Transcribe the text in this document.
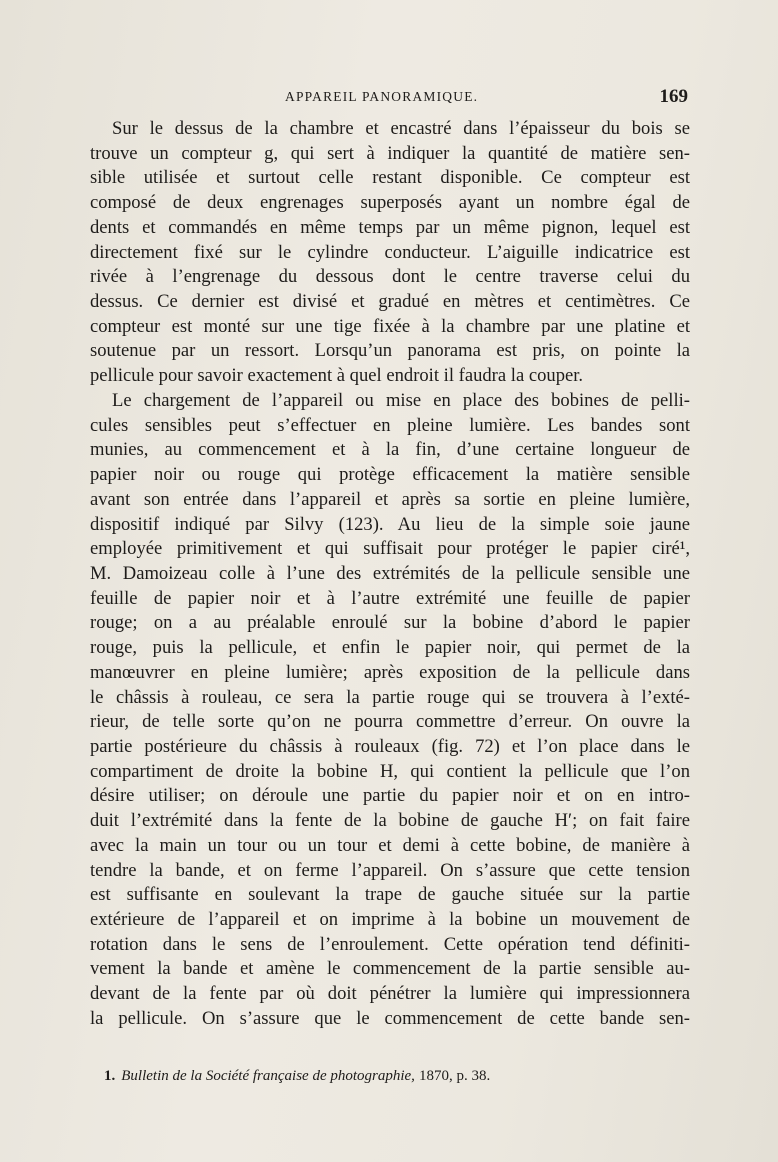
APPAREIL PANORAMIQUE.	169
Sur le dessus de la chambre et encastré dans l’épaisseur du bois se
trouve un compteur g, qui sert à indiquer la quantité de matière sen-
sible utilisée et surtout celle restant disponible. Ce compteur est
composé de deux engrenages superposés ayant un nombre égal de
dents et commandés en même temps par un même pignon, lequel est
directement fixé sur le cylindre conducteur. L’aiguille indicatrice est
rivée à l’engrenage du dessous dont le centre traverse celui du
dessus. Ce dernier est divisé et gradué en mètres et centimètres. Ce
compteur est monté sur une tige fixée à la chambre par une platine et
soutenue par un ressort. Lorsqu’un panorama est pris, on pointe la
pellicule pour savoir exactement à quel endroit il faudra la couper.
Le chargement de l’appareil ou mise en place des bobines de pelli-
cules sensibles peut s’effectuer en pleine lumière. Les bandes sont
munies, au commencement et à la fin, d’une certaine longueur de
papier noir ou rouge qui protège efficacement la matière sensible
avant son entrée dans l’appareil et après sa sortie en pleine lumière,
dispositif indiqué par Silvy (123). Au lieu de la simple soie jaune
employée primitivement et qui suffisait pour protéger le papier ciré¹,
M. Damoizeau colle à l’une des extrémités de la pellicule sensible une
feuille de papier noir et à l’autre extrémité une feuille de papier
rouge; on a au préalable enroulé sur la bobine d’abord le papier
rouge, puis la pellicule, et enfin le papier noir, qui permet de la
manœuvrer en pleine lumière; après exposition de la pellicule dans
le châssis à rouleau, ce sera la partie rouge qui se trouvera à l’exté-
rieur, de telle sorte qu’on ne pourra commettre d’erreur. On ouvre la
partie postérieure du châssis à rouleaux (fig. 72) et l’on place dans le
compartiment de droite la bobine H, qui contient la pellicule que l’on
désire utiliser; on déroule une partie du papier noir et on en intro-
duit l’extrémité dans la fente de la bobine de gauche H′; on fait faire
avec la main un tour ou un tour et demi à cette bobine, de manière à
tendre la bande, et on ferme l’appareil. On s’assure que cette tension
est suffisante en soulevant la trape de gauche située sur la partie
extérieure de l’appareil et on imprime à la bobine un mouvement de
rotation dans le sens de l’enroulement. Cette opération tend définiti-
vement la bande et amène le commencement de la partie sensible au-
devant de la fente par où doit pénétrer la lumière qui impressionnera
la pellicule. On s’assure que le commencement de cette bande sen-
1. Bulletin de la Société française de photographie, 1870, p. 38.
